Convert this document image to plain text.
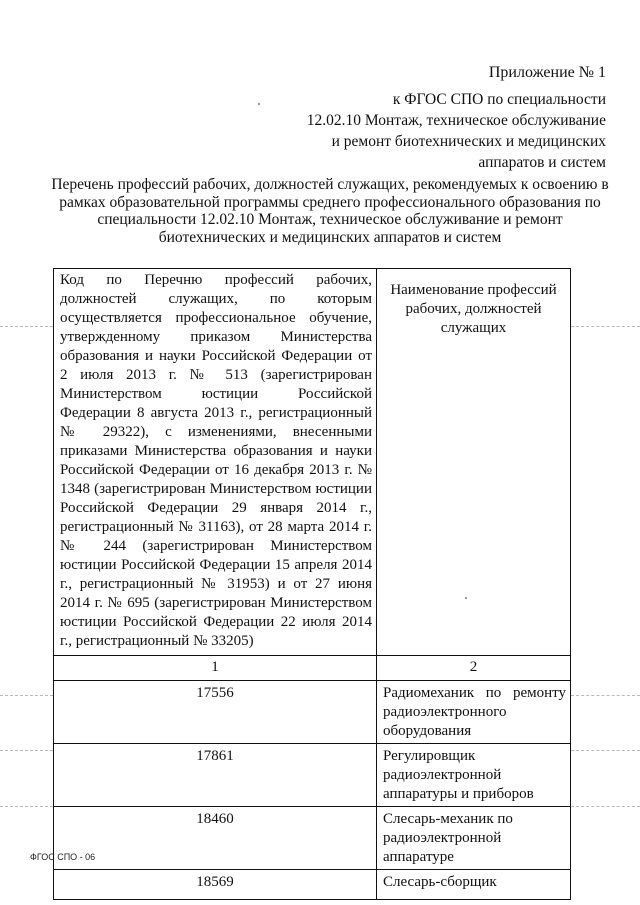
Приложение № 1
к ФГОС СПО по специальности
12.02.10 Монтаж, техническое обслуживание
и ремонт биотехнических и медицинских
аппаратов и систем
Перечень профессий рабочих, должностей служащих, рекомендуемых к освоению в
рамках образовательной программы среднего профессионального образования по
специальности 12.02.10 Монтаж, техническое обслуживание и ремонт
биотехнических и медицинских аппаратов и систем
Код по Перечню профессий рабочих, должностей служащих, по которым осуществляется профессиональное обучение, утвержденному приказом Министерства образования и науки Российской Федерации от 2 июля 2013 г. № 513 (зарегистрирован Министерством юстиции Российской Федерации 8 августа 2013 г., регистрационный № 29322), с изменениями, внесенными приказами Министерства образования и науки Российской Федерации от 16 декабря 2013 г. № 1348 (зарегистрирован Министерством юстиции Российской Федерации 29 января 2014 г., регистрационный № 31163), от 28 марта 2014 г. № 244 (зарегистрирован Министерством юстиции Российской Федерации 15 апреля 2014 г., регистрационный № 31953) и от 27 июня 2014 г. № 695 (зарегистрирован Министерством юстиции Российской Федерации 22 июля 2014 г., регистрационный № 33205)	Наименование профессий рабочих, должностей служащих
1	2
17556	Радиомеханик по ремонту радиоэлектронного оборудования
17861	Регулировщик радиоэлектронной аппаратуры и приборов
18460	Слесарь-механик по радиоэлектронной аппаратуре
18569	Слесарь-сборщик
ФГОС СПО - 06
